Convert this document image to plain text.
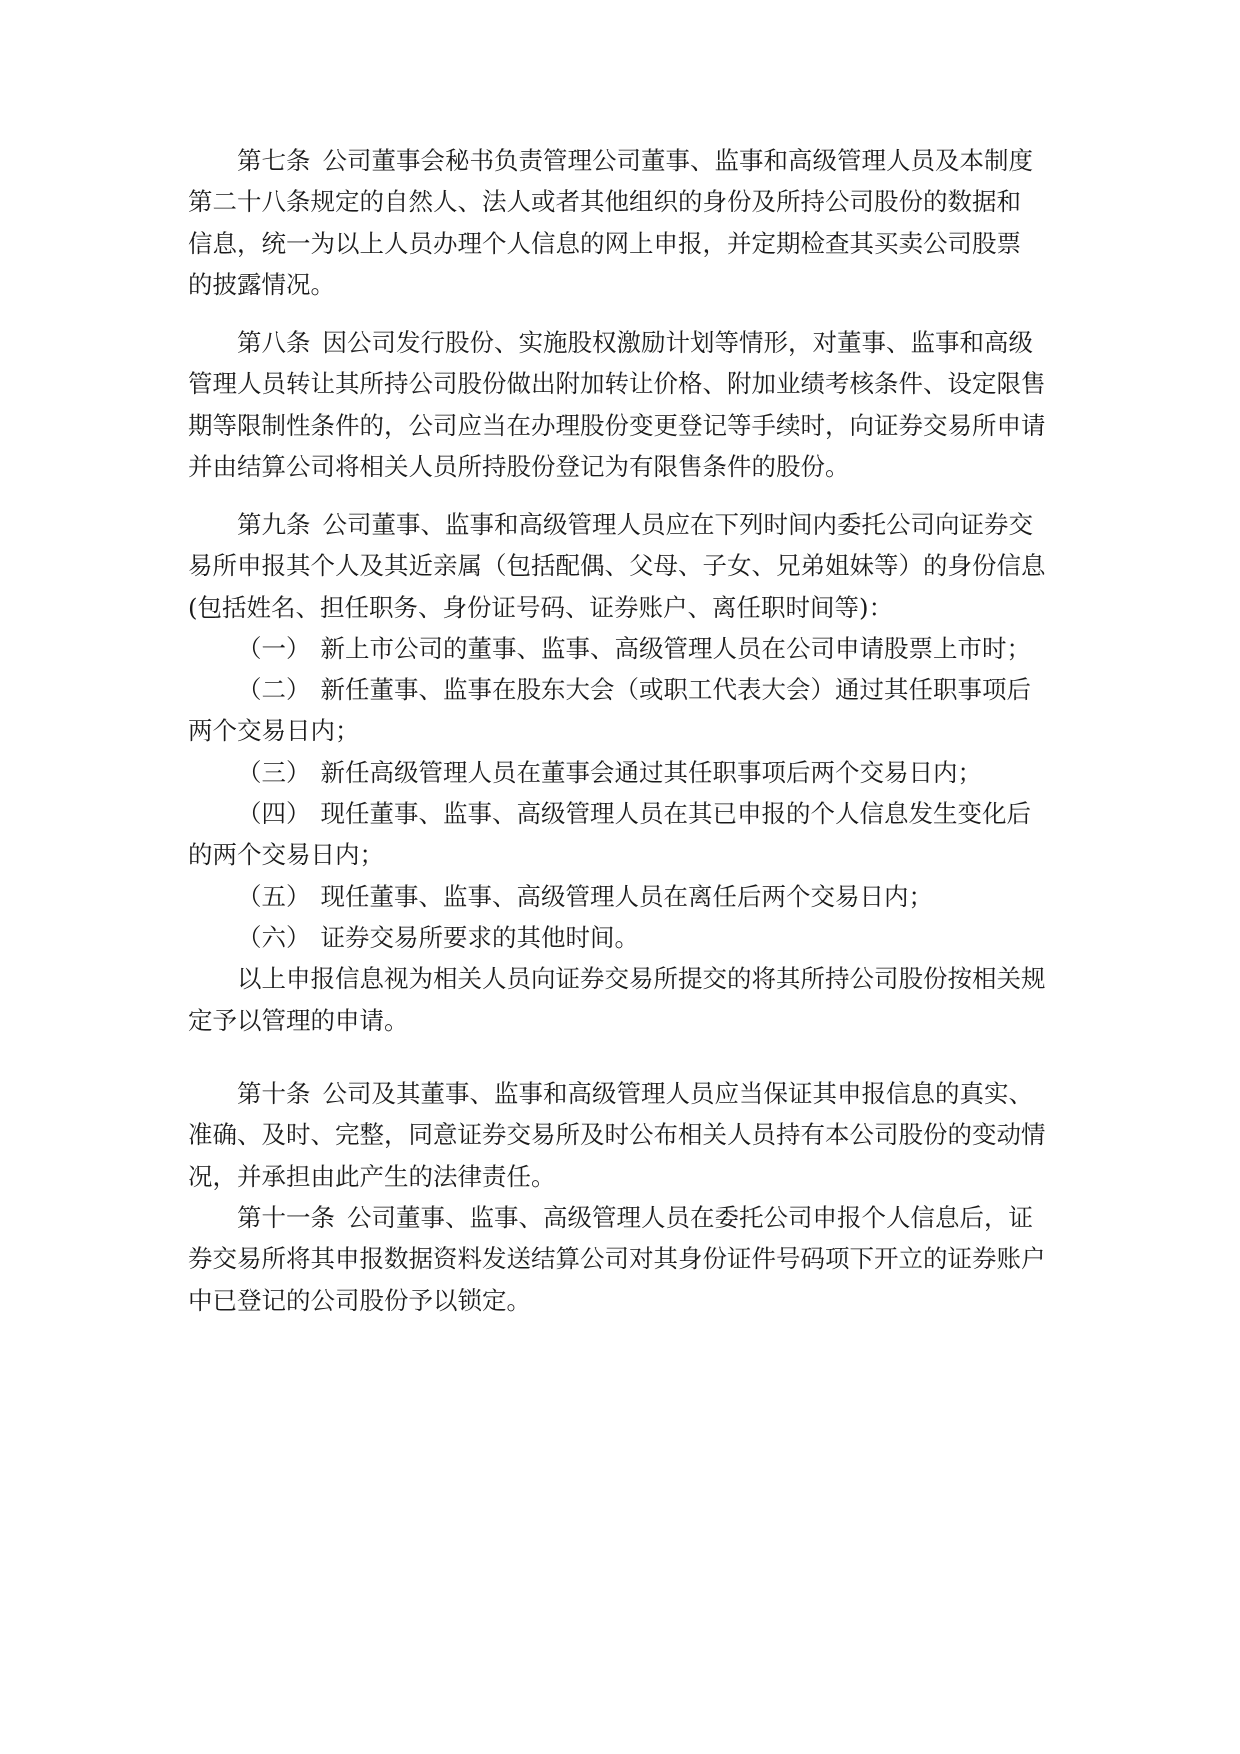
第七条 公司董事会秘书负责管理公司董事、监事和高级管理人员及本制度
第二十八条规定的自然人、法人或者其他组织的身份及所持公司股份的数据和
信息，统一为以上人员办理个人信息的网上申报，并定期检查其买卖公司股票
的披露情况。
第八条 因公司发行股份、实施股权激励计划等情形，对董事、监事和高级
管理人员转让其所持公司股份做出附加转让价格、附加业绩考核条件、设定限售
期等限制性条件的，公司应当在办理股份变更登记等手续时，向证券交易所申请
并由结算公司将相关人员所持股份登记为有限售条件的股份。
第九条 公司董事、监事和高级管理人员应在下列时间内委托公司向证券交
易所申报其个人及其近亲属（包括配偶、父母、子女、兄弟姐妹等）的身份信息
(包括姓名、担任职务、身份证号码、证券账户、离任职时间等)：
（一） 新上市公司的董事、监事、高级管理人员在公司申请股票上市时；
（二） 新任董事、监事在股东大会（或职工代表大会）通过其任职事项后
两个交易日内；
（三） 新任高级管理人员在董事会通过其任职事项后两个交易日内；
（四） 现任董事、监事、高级管理人员在其已申报的个人信息发生变化后
的两个交易日内；
（五） 现任董事、监事、高级管理人员在离任后两个交易日内；
（六） 证券交易所要求的其他时间。
以上申报信息视为相关人员向证券交易所提交的将其所持公司股份按相关规
定予以管理的申请。
第十条 公司及其董事、监事和高级管理人员应当保证其申报信息的真实、
准确、及时、完整，同意证券交易所及时公布相关人员持有本公司股份的变动情
况，并承担由此产生的法律责任。
第十一条 公司董事、监事、高级管理人员在委托公司申报个人信息后，证
券交易所将其申报数据资料发送结算公司对其身份证件号码项下开立的证券账户
中已登记的公司股份予以锁定。
